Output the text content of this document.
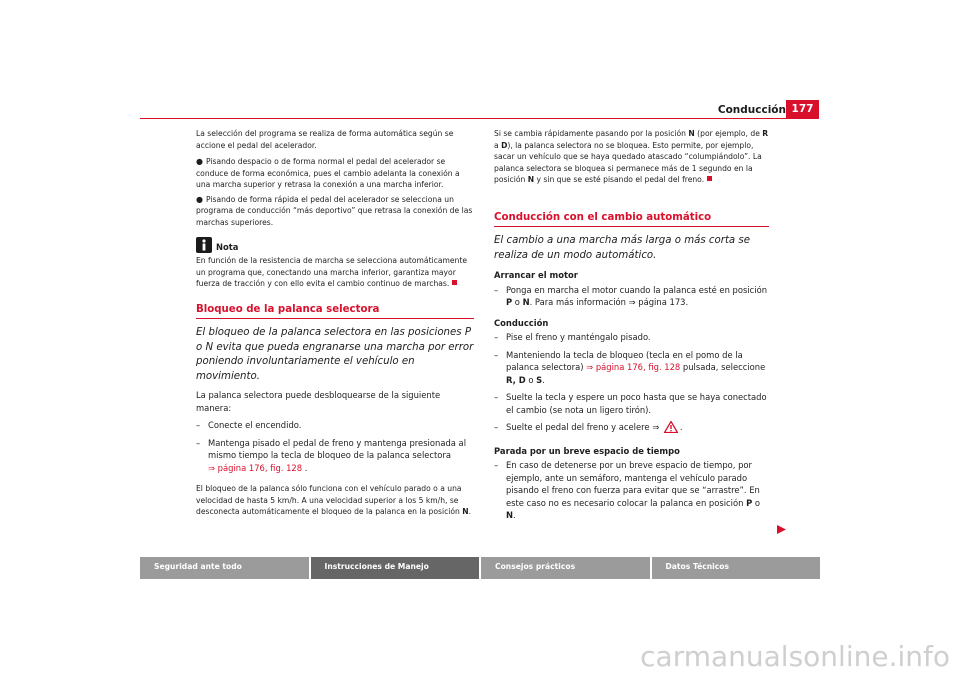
Conducción 177

La selección del programa se realiza de forma automática según se accione el pedal del acelerador.

● Pisando despacio o de forma normal el pedal del acelerador se conduce de forma económica, pues el cambio adelanta la conexión a una marcha superior y retrasa la conexión a una marcha inferior.

● Pisando de forma rápida el pedal del acelerador se selecciona un programa de conducción “más deportivo” que retrasa la conexión de las marchas superiores.

Nota

En función de la resistencia de marcha se selecciona automáticamente un programa que, conectando una marcha inferior, garantiza mayor fuerza de tracción y con ello evita el cambio continuo de marchas.

Bloqueo de la palanca selectora
El bloqueo de la palanca selectora en las posiciones P o N evita que pueda engranarse una marcha por error poniendo involuntariamente el vehículo en movimiento.

La palanca selectora puede desbloquearse de la siguiente manera:

– Conecte el encendido.
– Mantenga pisado el pedal de freno y mantenga presionada al mismo tiempo la tecla de bloqueo de la palanca selectora
⇒ página 176, fig. 128 .

El bloqueo de la palanca sólo funciona con el vehículo parado o a una velocidad de hasta 5 km/h. A una velocidad superior a los 5 km/h, se desconecta automáticamente el bloqueo de la palanca en la posición N.

Si se cambia rápidamente pasando por la posición N (por ejemplo, de R a D), la palanca selectora no se bloquea. Esto permite, por ejemplo, sacar un vehículo que se haya quedado atascado “columpiándolo”. La palanca selectora se bloquea si permanece más de 1 segundo en la posición N y sin que se esté pisando el pedal del freno.

Conducción con el cambio automático
El cambio a una marcha más larga o más corta se realiza de un modo automático.
Arrancar el motor
– Ponga en marcha el motor cuando la palanca esté en posición P o N. Para más información ⇒ página 173.
Conducción
– Pise el freno y manténgalo pisado.
– Manteniendo la tecla de bloqueo (tecla en el pomo de la palanca selectora) ⇒ página 176, fig. 128 pulsada, seleccione R, D o S.
– Suelte la tecla y espere un poco hasta que se haya conectado el cambio (se nota un ligero tirón).
– Suelte el pedal del freno y acelere ⇒ .
Parada por un breve espacio de tiempo
– En caso de detenerse por un breve espacio de tiempo, por ejemplo, ante un semáforo, mantenga el vehículo parado pisando el freno con fuerza para evitar que se “arrastre”. En este caso no es necesario colocar la palanca en posición P o N.
Seguridad ante todo	Instrucciones de Manejo	Consejos prácticos	Datos Técnicos
carmanualsonline.info
